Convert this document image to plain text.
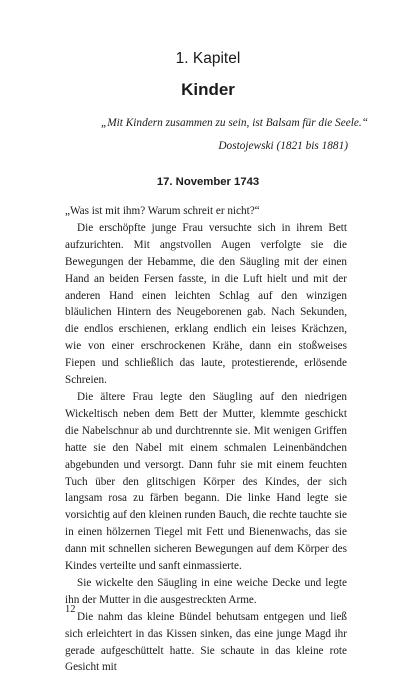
1. Kapitel
Kinder
„Mit Kindern zusammen zu sein, ist Balsam für die Seele.“
Dostojewski (1821 bis 1881)
17. November 1743

„Was ist mit ihm? Warum schreit er nicht?“

Die erschöpfte junge Frau versuchte sich in ihrem Bett aufzurichten. Mit angstvollen Augen verfolgte sie die Bewegungen der Hebamme, die den Säugling mit der einen Hand an beiden Fersen fasste, in die Luft hielt und mit der anderen Hand einen leichten Schlag auf den winzigen bläulichen Hintern des Neugeborenen gab. Nach Sekunden, die endlos erschienen, erklang endlich ein leises Krächzen, wie von einer erschrockenen Krähe, dann ein stoßweises Fiepen und schließlich das laute, protestierende, erlösende Schreien.

Die ältere Frau legte den Säugling auf den niedrigen Wickeltisch neben dem Bett der Mutter, klemmte geschickt die Nabelschnur ab und durchtrennte sie. Mit wenigen Griffen hatte sie den Nabel mit einem schmalen Leinenbändchen abgebunden und versorgt. Dann fuhr sie mit einem feuchten Tuch über den glitschigen Körper des Kindes, der sich langsam rosa zu färben begann. Die linke Hand legte sie vorsichtig auf den kleinen runden Bauch, die rechte tauchte sie in einen hölzernen Tiegel mit Fett und Bienenwachs, das sie dann mit schnellen sicheren Bewegungen auf dem Körper des Kindes verteilte und sanft einmassierte.

Sie wickelte den Säugling in eine weiche Decke und legte ihn der Mutter in die ausgestreckten Arme.

Die nahm das kleine Bündel behutsam entgegen und ließ sich erleichtert in das Kissen sinken, das eine junge Magd ihr gerade aufgeschüttelt hatte. Sie schaute in das kleine rote Gesicht mit

12
